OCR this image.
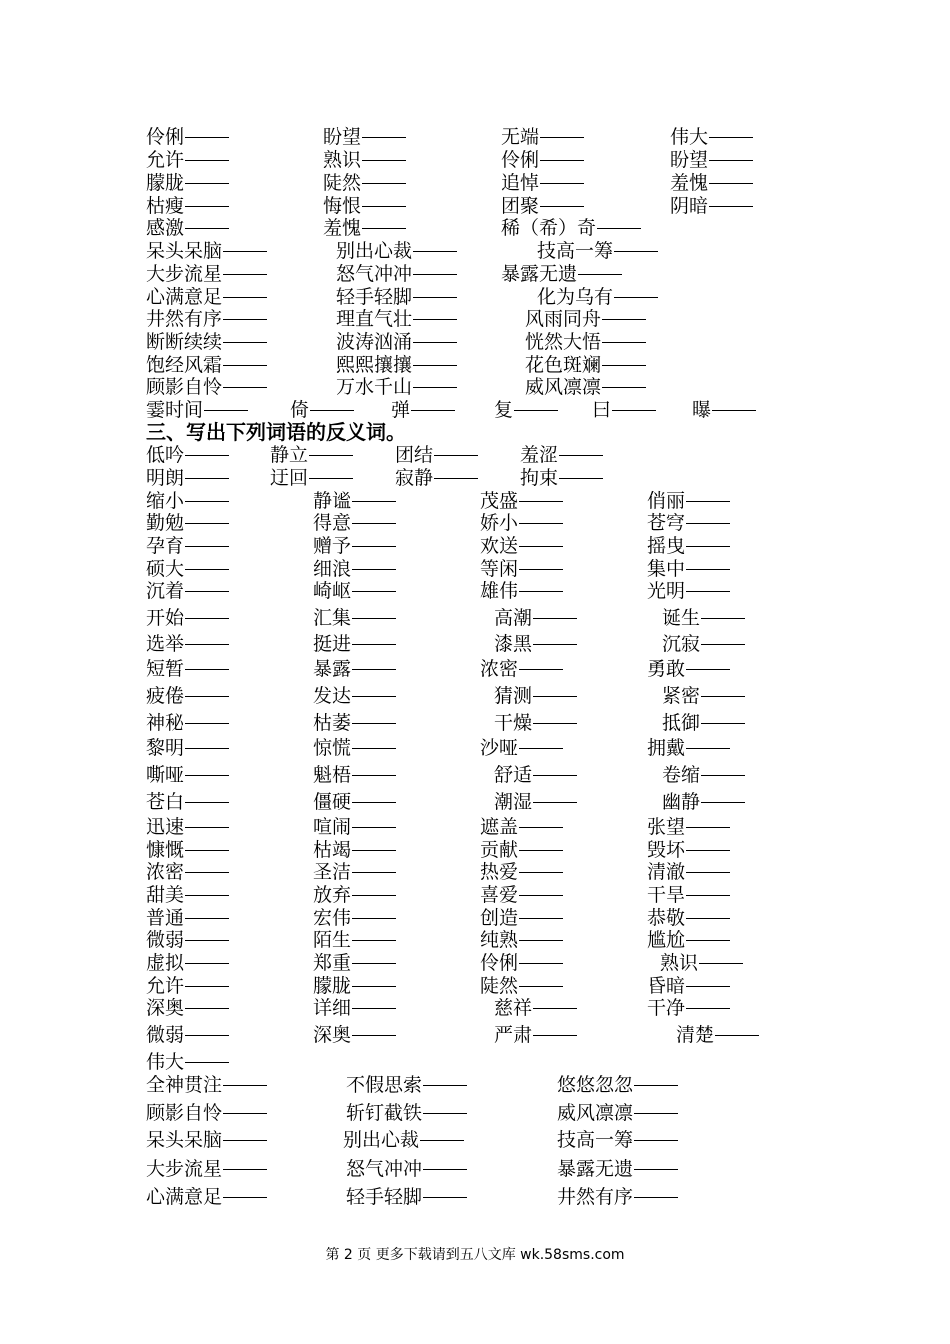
伶俐	盼望	无端	伟大
允许	熟识	伶俐	盼望
朦胧	陡然	追悼	羞愧
枯瘦	悔恨	团聚	阴暗
感激	羞愧	稀（希）奇
呆头呆脑	别出心裁	技高一筹
大步流星	怒气冲冲	暴露无遗
心满意足	轻手轻脚	化为乌有
井然有序	理直气壮	风雨同舟
断断续续	波涛汹涌	恍然大悟
饱经风霜	熙熙攘攘	花色斑斓
顾影自怜	万水千山	威风凛凛
霎时间	倚	弹	复	曰	曝
低吟	静立	团结	羞涩
明朗	迂回	寂静	拘束
缩小	静谧	茂盛	俏丽
勤勉	得意	娇小	苍穹
孕育	赠予	欢送	摇曳
硕大	细浪	等闲	集中
沉着	崎岖	雄伟	光明
开始	汇集	高潮	诞生
选举	挺进	漆黑	沉寂
短暂	暴露	浓密	勇敢
疲倦	发达	猜测	紧密
神秘	枯萎	干燥	抵御
黎明	惊慌	沙哑	拥戴
嘶哑	魁梧	舒适	卷缩
苍白	僵硬	潮湿	幽静
迅速	喧闹	遮盖	张望
慷慨	枯竭	贡献	毁坏
浓密	圣洁	热爱	清澈
甜美	放弃	喜爱	干旱
普通	宏伟	创造	恭敬
微弱	陌生	纯熟	尴尬
虚拟	郑重	伶俐	熟识
允许	朦胧	陡然	昏暗
深奥	详细	慈祥	干净
微弱	深奥	严肃	清楚
伟大
全神贯注	不假思索	悠悠忽忽
顾影自怜	斩钉截铁	威风凛凛
呆头呆脑	别出心裁	技高一筹
大步流星	怒气冲冲	暴露无遗
心满意足	轻手轻脚	井然有序
三、写出下列词语的反义词。
第 2 页 更多下载请到五八文库 wk.58sms.com
